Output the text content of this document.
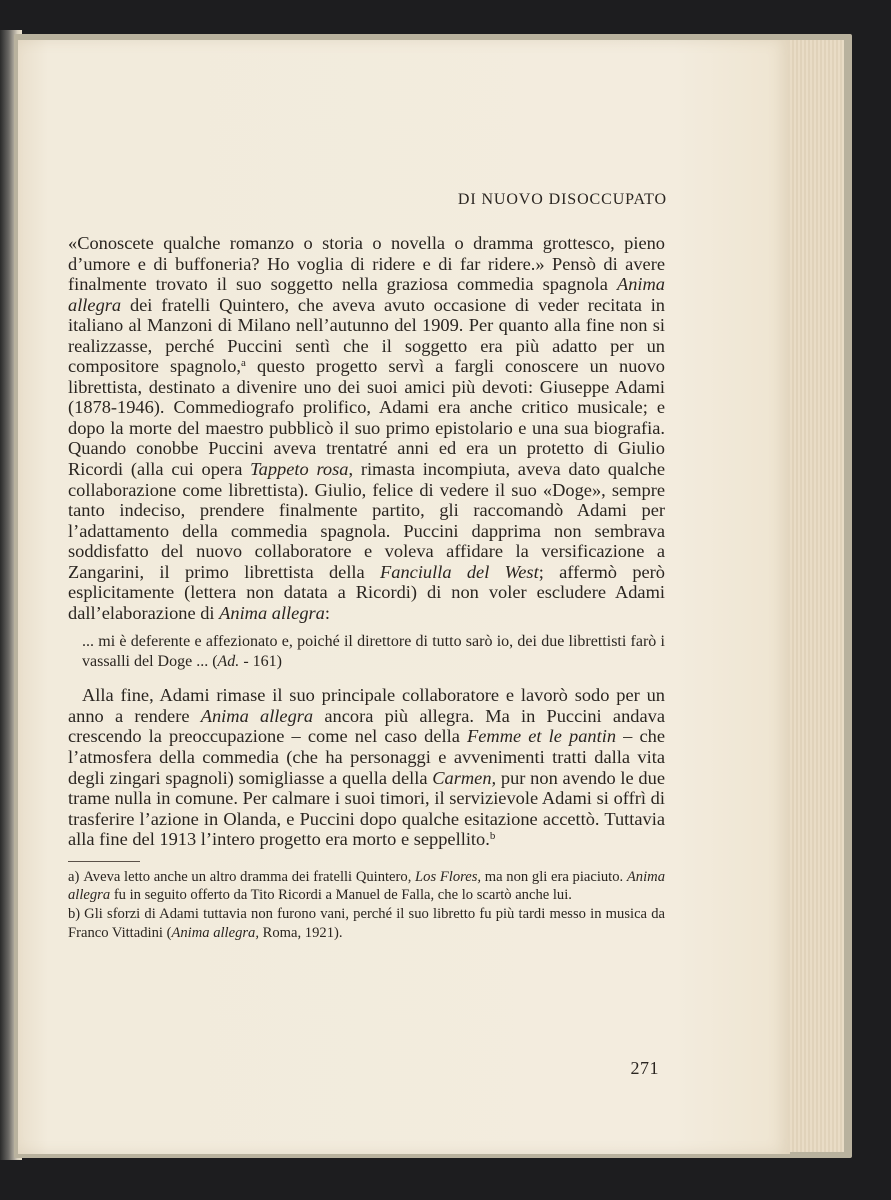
DI NUOVO DISOCCUPATO

«Conoscete qualche romanzo o storia o novella o dramma grottesco, pieno d’umore e di buffoneria? Ho voglia di ridere e di far ridere.» Pensò di avere finalmente trovato il suo soggetto nella graziosa commedia spagnola Anima allegra dei fratelli Quintero, che aveva avuto occasione di veder recitata in italiano al Manzoni di Milano nell’autunno del 1909. Per quanto alla fine non si realizzasse, perché Puccini sentì che il soggetto era più adatto per un compositore spagnolo,$^a$ questo progetto servì a fargli conoscere un nuovo librettista, destinato a divenire uno dei suoi amici più devoti: Giuseppe Adami (1878-1946). Commediografo prolifico, Adami era anche critico musicale; e dopo la morte del maestro pubblicò il suo primo epistolario e una sua biografia. Quando conobbe Puccini aveva trentatré anni ed era un protetto di Giulio Ricordi (alla cui opera Tappeto rosa, rimasta incompiuta, aveva dato qualche collaborazione come librettista). Giulio, felice di vedere il suo «Doge», sempre tanto indeciso, prendere finalmente partito, gli raccomandò Adami per l’adattamento della commedia spagnola. Puccini dapprima non sembrava soddisfatto del nuovo collaboratore e voleva affidare la versificazione a Zangarini, il primo librettista della Fanciulla del West; affermò però esplicitamente (lettera non datata a Ricordi) di non voler escludere Adami dall’elaborazione di Anima allegra:

... mi è deferente e affezionato e, poiché il direttore di tutto sarò io, dei due librettisti farò i vassalli del Doge ... (Ad. - 161)

Alla fine, Adami rimase il suo principale collaboratore e lavorò sodo per un anno a rendere Anima allegra ancora più allegra. Ma in Puccini andava crescendo la preoccupazione – come nel caso della Femme et le pantin – che l’atmosfera della commedia (che ha personaggi e avvenimenti tratti dalla vita degli zingari spagnoli) somigliasse a quella della Carmen, pur non avendo le due trame nulla in comune. Per calmare i suoi timori, il servizievole Adami si offrì di trasferire l’azione in Olanda, e Puccini dopo qualche esitazione accettò. Tuttavia alla fine del 1913 l’intero progetto era morto e seppellito.$^b$

a) Aveva letto anche un altro dramma dei fratelli Quintero, Los Flores, ma non gli era piaciuto. Anima allegra fu in seguito offerto da Tito Ricordi a Manuel de Falla, che lo scartò anche lui.

b) Gli sforzi di Adami tuttavia non furono vani, perché il suo libretto fu più tardi messo in musica da Franco Vittadini (Anima allegra, Roma, 1921).

271
